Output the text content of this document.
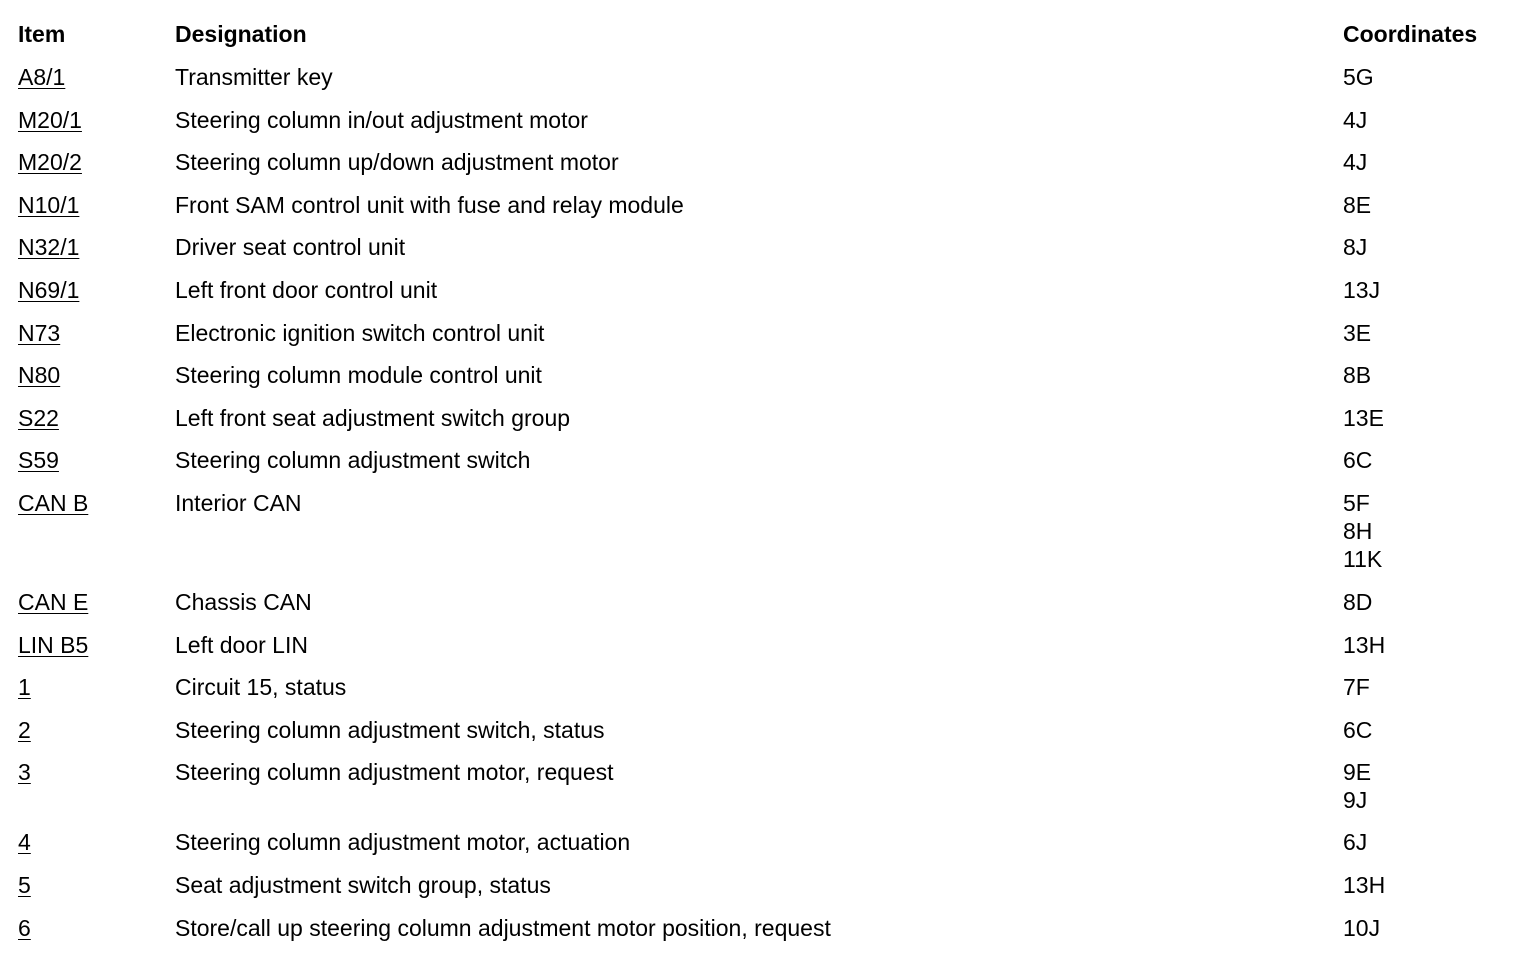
Item	Designation	Coordinates
A8/1	Transmitter key	5G
M20/1	Steering column in/out adjustment motor	4J
M20/2	Steering column up/down adjustment motor	4J
N10/1	Front SAM control unit with fuse and relay module	8E
N32/1	Driver seat control unit	8J
N69/1	Left front door control unit	13J
N73	Electronic ignition switch control unit	3E
N80	Steering column module control unit	8B
S22	Left front seat adjustment switch group	13E
S59	Steering column adjustment switch	6C
CAN B	Interior CAN	5F
8H
11K
CAN E	Chassis CAN	8D
LIN B5	Left door LIN	13H
1	Circuit 15, status	7F
2	Steering column adjustment switch, status	6C
3	Steering column adjustment motor, request	9E
9J
4	Steering column adjustment motor, actuation	6J
5	Seat adjustment switch group, status	13H
6	Store/call up steering column adjustment motor position, request	10J
